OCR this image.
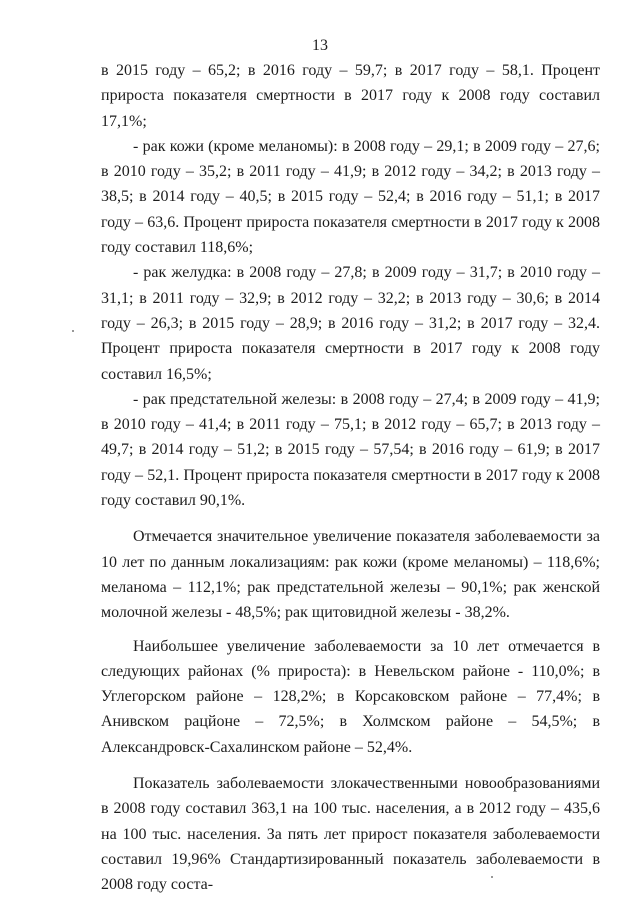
13

в 2015 году – 65,2; в 2016 году – 59,7; в 2017 году – 58,1. Процент прироста показателя смертности в 2017 году к 2008 году составил 17,1%;

- рак кожи (кроме меланомы): в 2008 году – 29,1; в 2009 году – 27,6; в 2010 году – 35,2; в 2011 году – 41,9; в 2012 году – 34,2; в 2013 году – 38,5; в 2014 году – 40,5; в 2015 году – 52,4; в 2016 году – 51,1; в 2017 году – 63,6. Процент прироста показателя смертности в 2017 году к 2008 году составил 118,6%;

- рак желудка: в 2008 году – 27,8; в 2009 году – 31,7; в 2010 году – 31,1; в 2011 году – 32,9; в 2012 году – 32,2; в 2013 году – 30,6; в 2014 году – 26,3; в 2015 году – 28,9; в 2016 году – 31,2; в 2017 году – 32,4. Процент прироста показателя смертности в 2017 году к 2008 году составил 16,5%;

- рак предстательной железы: в 2008 году – 27,4; в 2009 году – 41,9; в 2010 году – 41,4; в 2011 году – 75,1; в 2012 году – 65,7; в 2013 году – 49,7; в 2014 году – 51,2; в 2015 году – 57,54; в 2016 году – 61,9; в 2017 году – 52,1. Процент прироста показателя смертности в 2017 году к 2008 году составил 90,1%.

Отмечается значительное увеличение показателя заболеваемости за 10 лет по данным локализациям: рак кожи (кроме меланомы) – 118,6%; меланома – 112,1%; рак предстательной железы – 90,1%; рак женской молочной железы - 48,5%; рак щитовидной железы - 38,2%.

Наибольшее увеличение заболеваемости за 10 лет отмечается в следующих районах (% прироста): в Невельском районе - 110,0%; в Углегорском районе – 128,2%; в Корсаковском районе – 77,4%; в Анивском рацйоне – 72,5%; в Холмском районе – 54,5%; в Александровск-Сахалинском районе – 52,4%.

Показатель заболеваемости злокачественными новообразованиями в 2008 году составил 363,1 на 100 тыс. населения, а в 2012 году – 435,6 на 100 тыс. населения. За пять лет прирост показателя заболеваемости составил 19,96% Стандартизированный показатель заболеваемости в 2008 году соста-
